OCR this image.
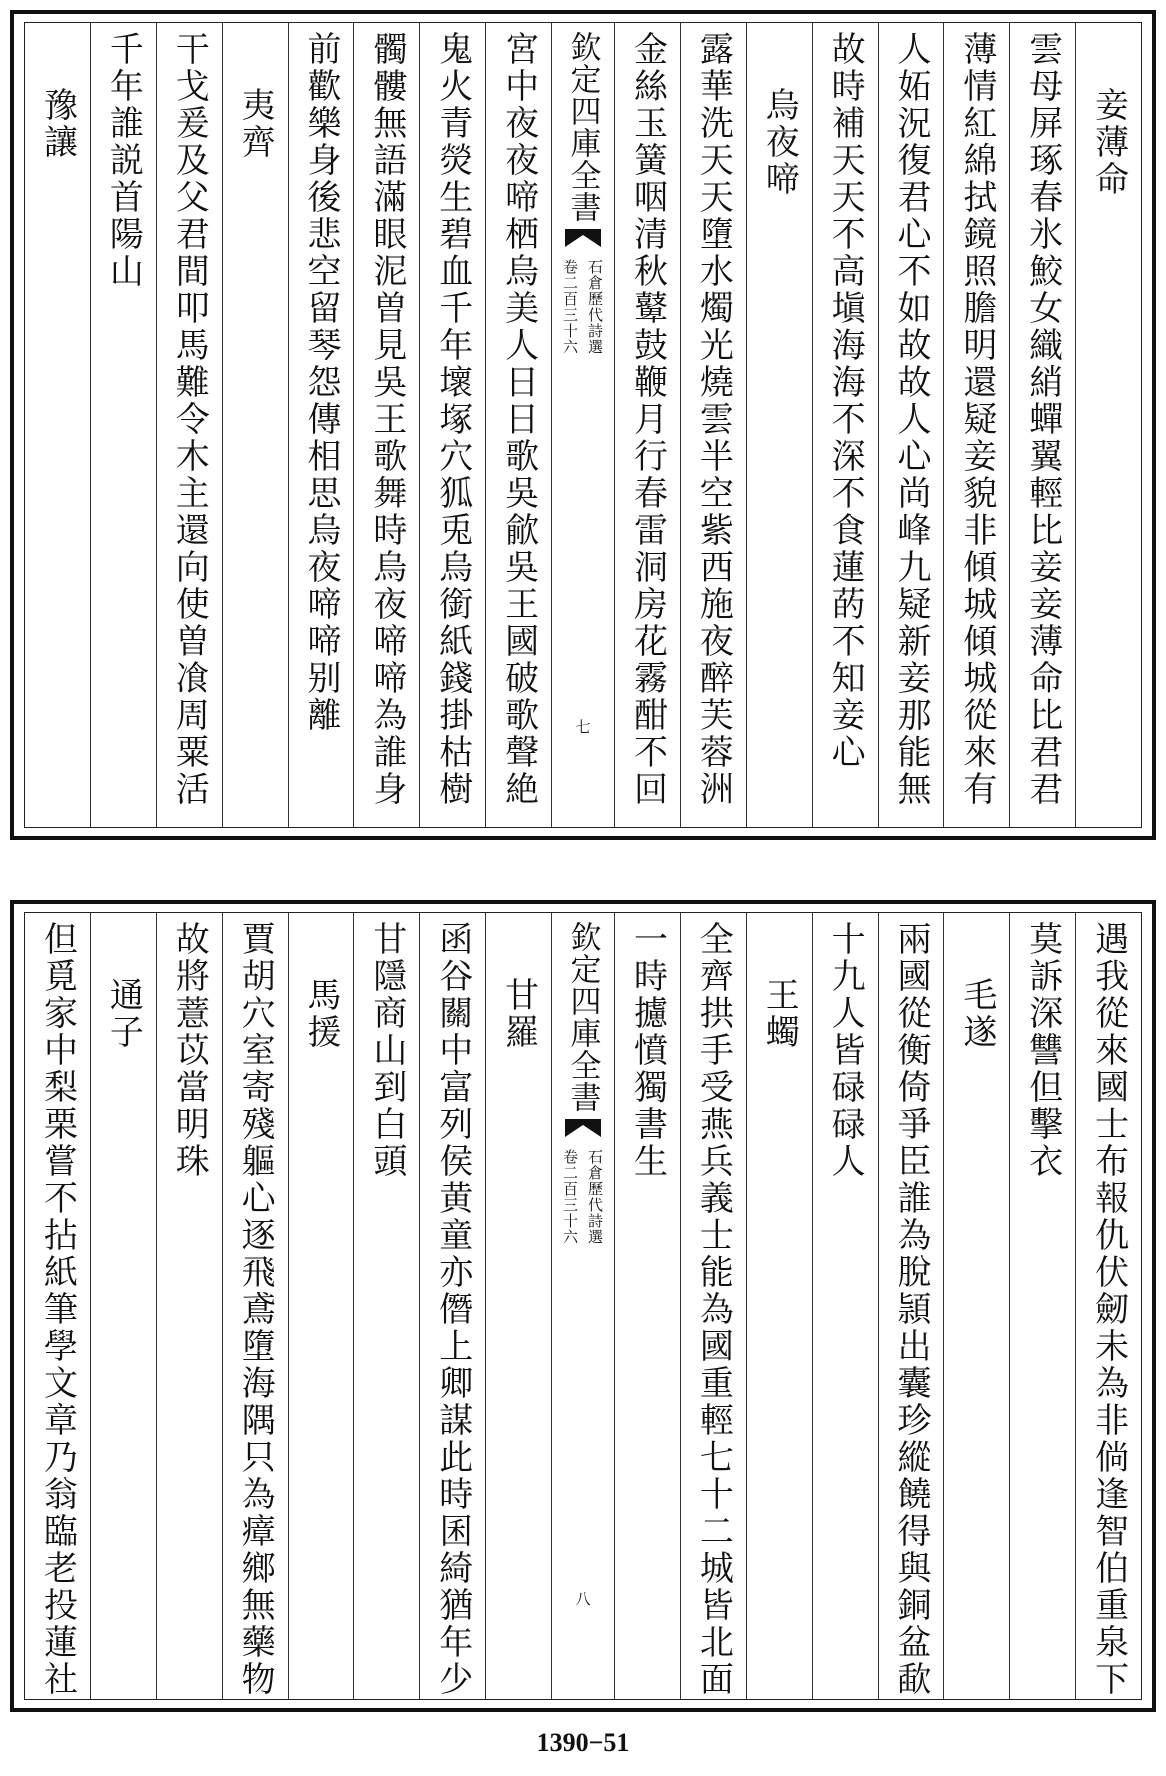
妾薄命
雲母屏琢春氷鮫女織綃蟬翼輕比妾妾薄命比君君
薄情紅綿拭鏡照膽明還疑妾貌非傾城傾城從來有
人妬況復君心不如故故人心尚峰九疑新妾那能無
故時補天天不高塡海海不深不食蓮菂不知妾心
烏夜啼
露華洗天天墮水燭光燒雲半空紫西施夜醉芙蓉洲
金絲玉簧咽清秋鼙鼓鞭月行春雷洞房花霧酣不回
欽定四庫全書
石倉歷代詩選
卷二百三十六
七
宮中夜夜啼栖烏美人日日歌吳歈吳王國破歌聲絶
鬼火青熒生碧血千年壞塚穴狐兎烏銜紙錢掛枯樹
髑髏無語滿眼泥曽見吳王歌舞時烏夜啼啼為誰身
前歡樂身後悲空留琴怨傳相思烏夜啼啼别離
夷齊
干戈爰及父君間叩馬難令木主還向使曽飡周粟活
千年誰説首陽山
豫讓
遇我從來國士布報仇伏劒未為非倘逢智伯重泉下
莫訴深讐但擊衣
毛遂
兩國從衡倚爭臣誰為脫頴出囊珍縱饒得與銅盆歃
十九人皆碌碌人
王蠋
全齊拱手受燕兵義士能為國重輕七十二城皆北面
一時攄憤獨書生
欽定四庫全書
石倉歷代詩選
卷二百三十六
八
甘羅
函谷關中富列侯黄童亦僭上卿謀此時囷綺猶年少
甘隱商山到白頭
馬援
賈胡穴室寄殘軀心逐飛鳶墮海隅只為瘴鄉無藥物
故將薏苡當明珠
通子
但覓家中梨栗嘗不拈紙筆學文章乃翁臨老投蓮社
1390−51
